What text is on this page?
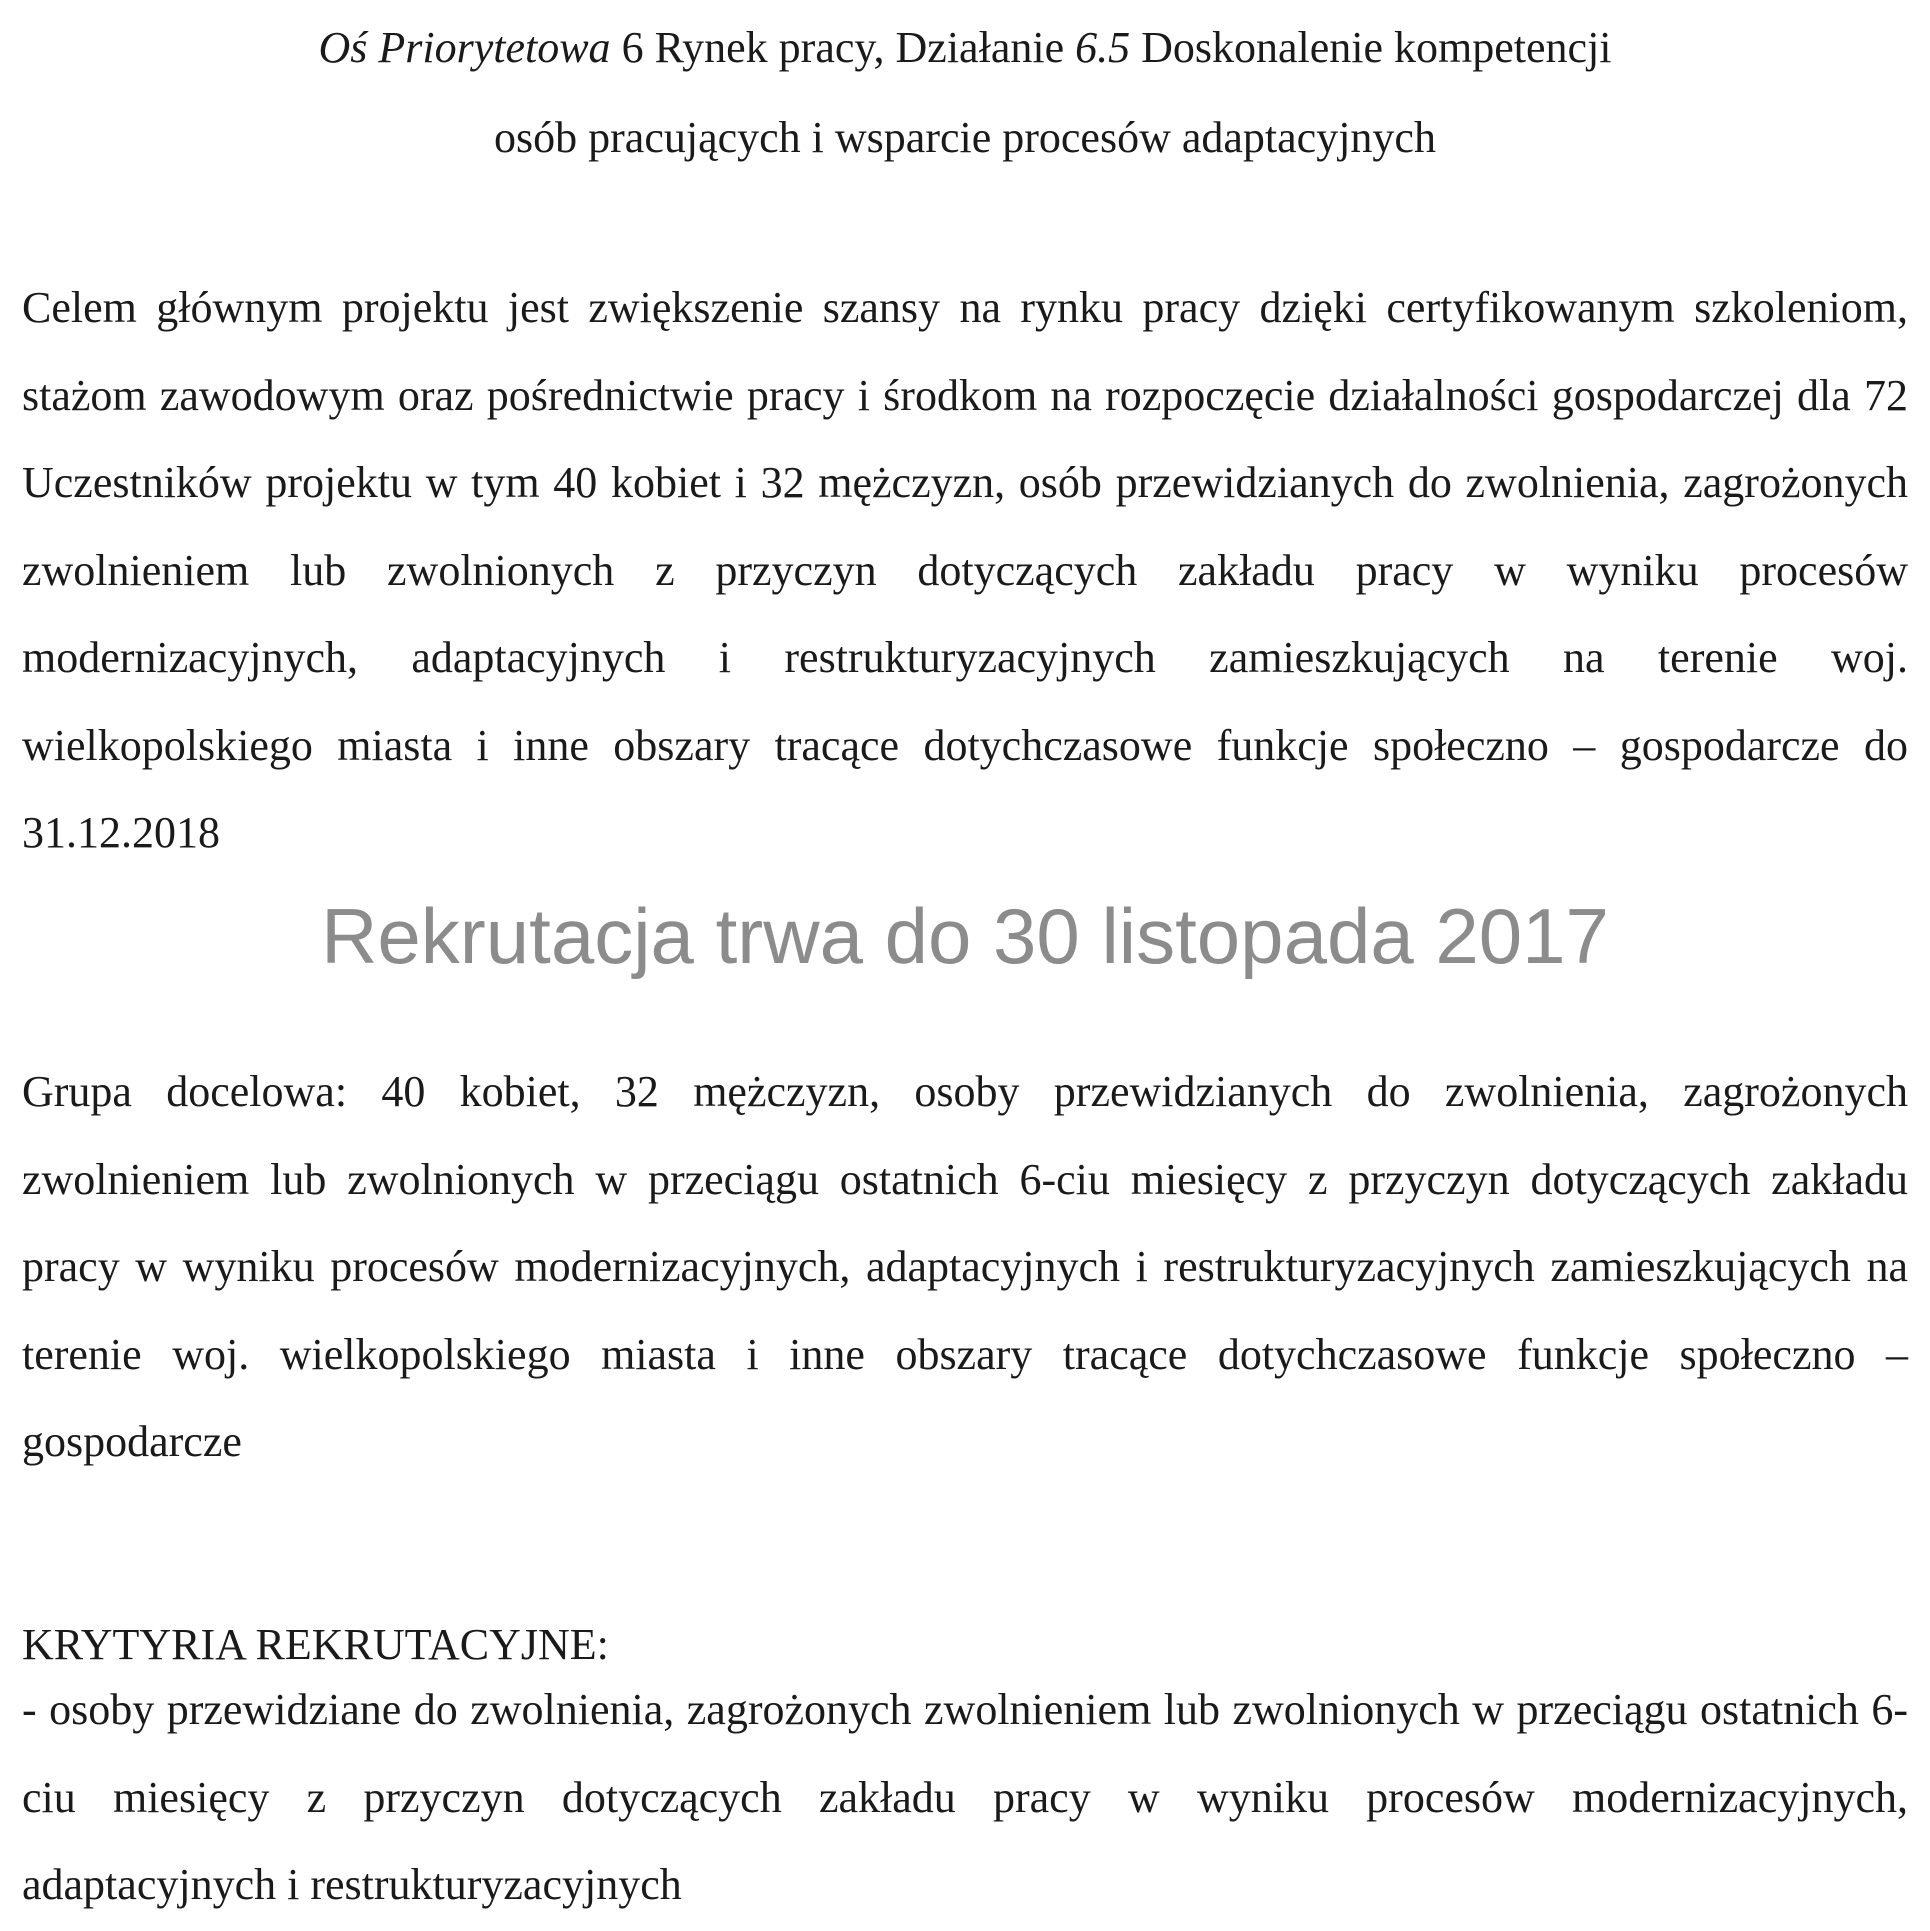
Oś Priorytetowa 6 Rynek pracy, Działanie 6.5 Doskonalenie kompetencji
osób pracujących i wsparcie procesów adaptacyjnych
Celem głównym projektu jest zwiększenie szansy na rynku pracy dzięki certyfikowanym szkoleniom, stażom zawodowym oraz pośrednictwie pracy i środkom na rozpoczęcie działalności gospodarczej dla 72 Uczestników projektu w tym 40 kobiet i 32 mężczyzn, osób przewidzianych do zwolnienia, zagrożonych zwolnieniem lub zwolnionych z przyczyn dotyczących zakładu pracy w wyniku procesów modernizacyjnych, adaptacyjnych i restrukturyzacyjnych zamieszkujących na terenie woj. wielkopolskiego miasta i inne obszary tracące dotychczasowe funkcje społeczno – gospodarcze do 31.12.2018
Rekrutacja trwa do 30 listopada 2017
Grupa docelowa: 40 kobiet, 32 mężczyzn, osoby przewidzianych do zwolnienia, zagrożonych zwolnieniem lub zwolnionych w przeciągu ostatnich 6-ciu miesięcy z przyczyn dotyczących zakładu pracy w wyniku procesów modernizacyjnych, adaptacyjnych i restrukturyzacyjnych zamieszkujących na terenie woj. wielkopolskiego miasta i inne obszary tracące dotychczasowe funkcje społeczno – gospodarcze
KRYTYRIA REKRUTACYJNE:
- osoby przewidziane do zwolnienia, zagrożonych zwolnieniem lub zwolnionych w przeciągu ostatnich 6-ciu miesięcy z przyczyn dotyczących zakładu pracy w wyniku procesów modernizacyjnych, adaptacyjnych i restrukturyzacyjnych
